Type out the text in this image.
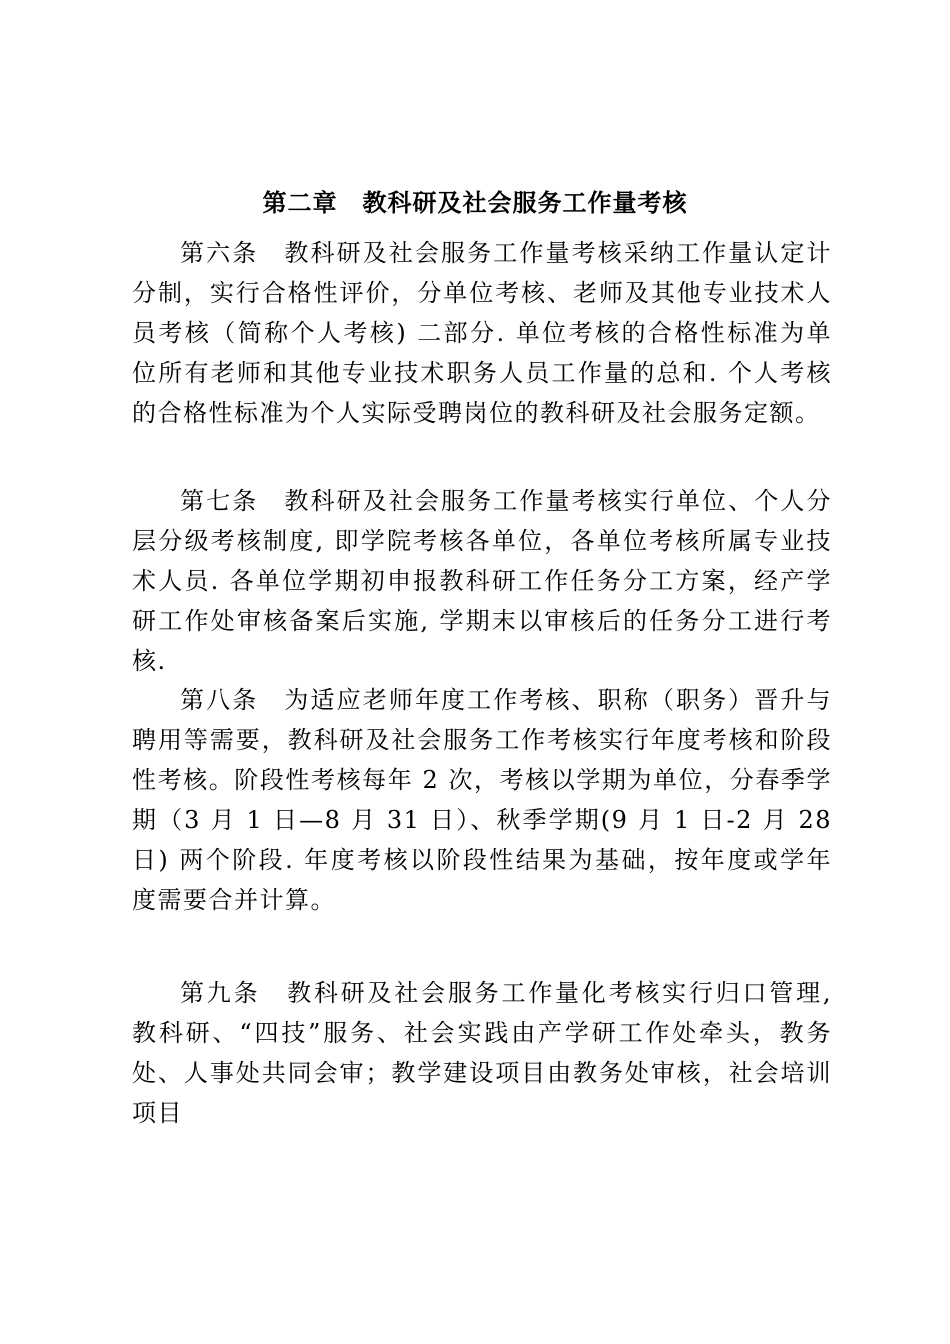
第二章　教科研及社会服务工作量考核

第六条　教科研及社会服务工作量考核采纳工作量认定计分制，实行合格性评价，分单位考核、老师及其他专业技术人员考核（简称个人考核) 二部分. 单位考核的合格性标准为单位所有老师和其他专业技术职务人员工作量的总和. 个人考核的合格性标准为个人实际受聘岗位的教科研及社会服务定额。

第七条　教科研及社会服务工作量考核实行单位、个人分层分级考核制度, 即学院考核各单位，各单位考核所属专业技术人员. 各单位学期初申报教科研工作任务分工方案，经产学研工作处审核备案后实施, 学期末以审核后的任务分工进行考核.

第八条　为适应老师年度工作考核、职称（职务）晋升与聘用等需要，教科研及社会服务工作考核实行年度考核和阶段性考核。阶段性考核每年 2 次，考核以学期为单位，分春季学期（3 月 1 日—8 月 31 日）、秋季学期(9 月 1 日-2 月 28 日) 两个阶段. 年度考核以阶段性结果为基础，按年度或学年度需要合并计算。

第九条　教科研及社会服务工作量化考核实行归口管理, 教科研、“四技”服务、社会实践由产学研工作处牵头，教务处、人事处共同会审；教学建设项目由教务处审核，社会培训项目
